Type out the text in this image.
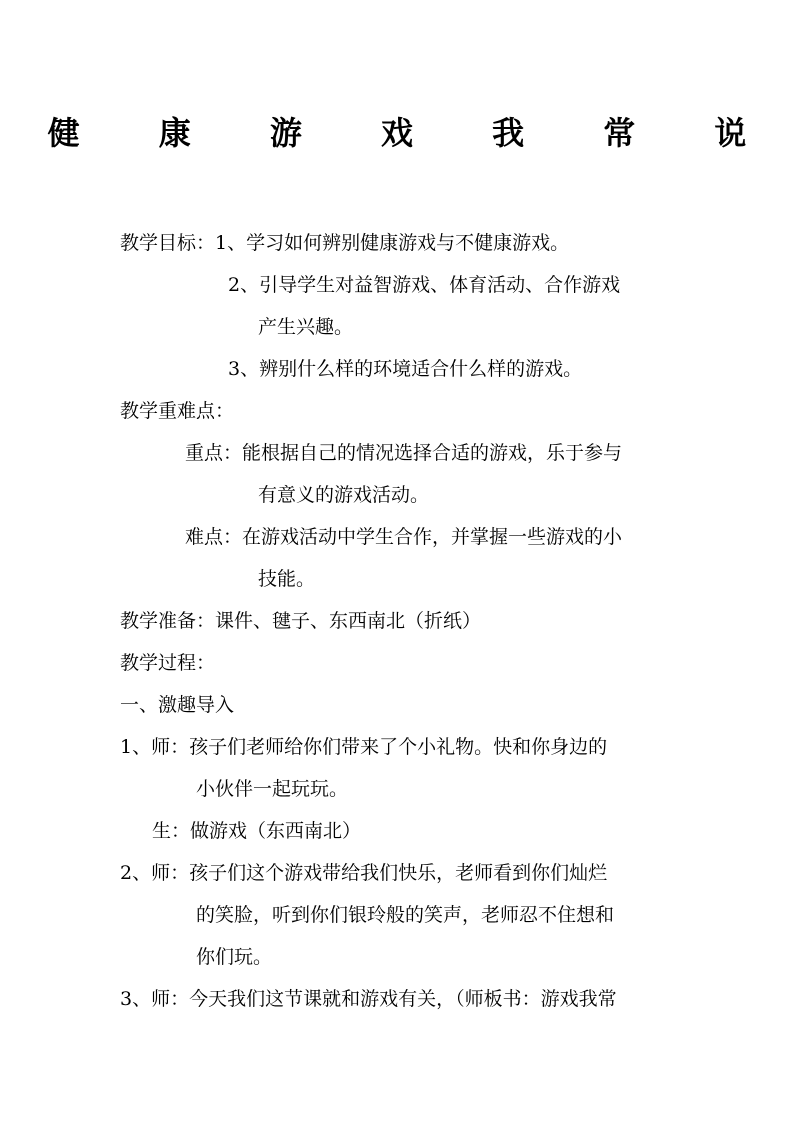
健 康 游 戏 我 常 说
教学目标：1、学习如何辨别健康游戏与不健康游戏。
2、引导学生对益智游戏、体育活动、合作游戏
产生兴趣。
3、辨别什么样的环境适合什么样的游戏。
教学重难点：
重点：能根据自己的情况选择合适的游戏，乐于参与
有意义的游戏活动。
难点：在游戏活动中学生合作，并掌握一些游戏的小
技能。
教学准备：课件、毽子、东西南北（折纸）
教学过程：
一、激趣导入
1、师：孩子们老师给你们带来了个小礼物。快和你身边的
小伙伴一起玩玩。
生：做游戏（东西南北）
2、师：孩子们这个游戏带给我们快乐，老师看到你们灿烂
的笑脸，听到你们银玲般的笑声，老师忍不住想和
你们玩。
3、师：今天我们这节课就和游戏有关，（师板书：游戏我常
